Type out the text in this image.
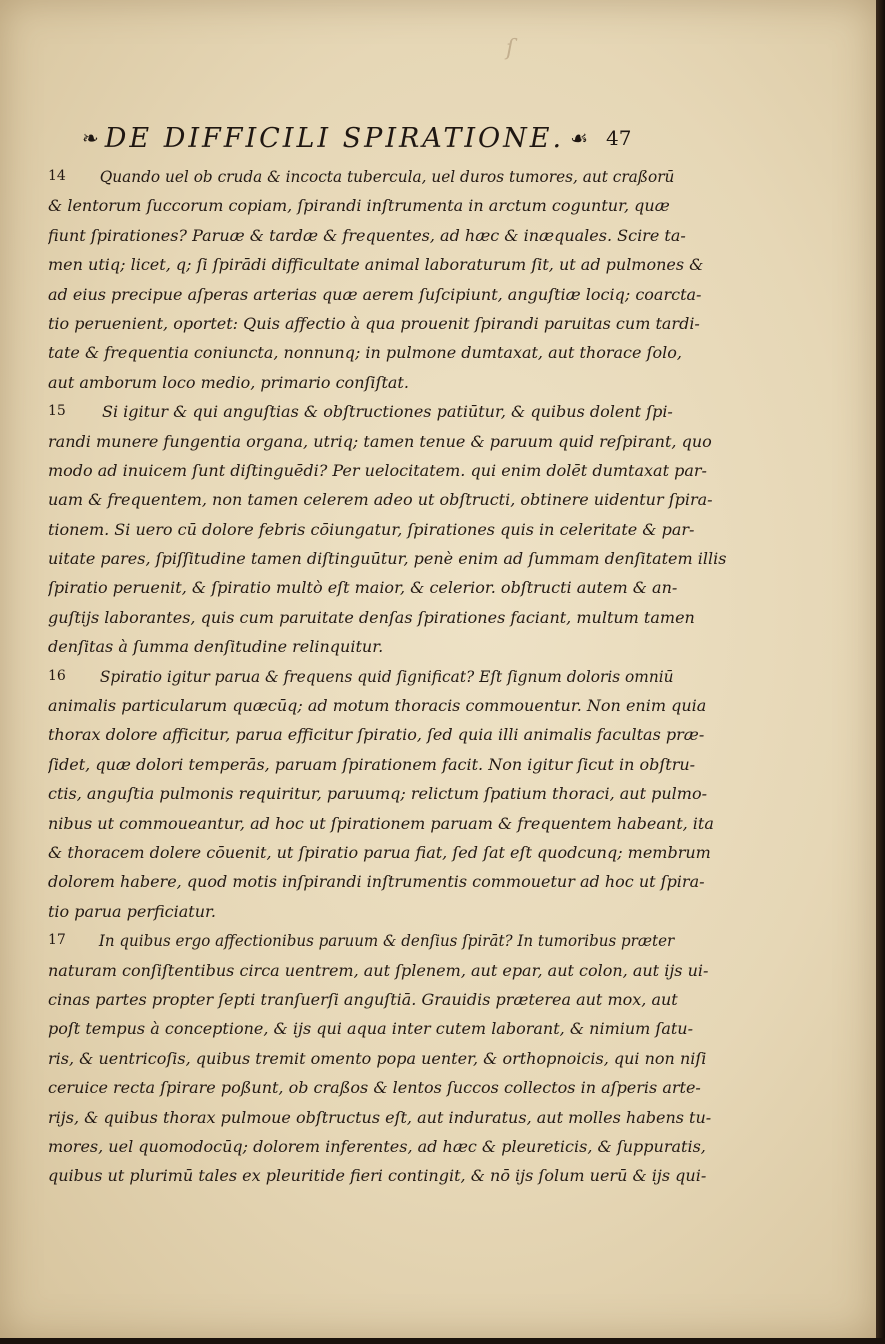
ſ
❧ DE DIFFICILI SPIRATIONE. ☙ 47
14 Quando uel ob cruda & incocta tubercula, uel duros tumores, aut craßorū
& lentorum ſuccorum copiam, ſpirandi inſtrumenta in arctum coguntur, quæ
fiunt ſpirationes? Paruæ & tardæ & frequentes, ad hæc & inæquales. Scire ta-
men utiq; licet, q; ſi ſpirādi difficultate animal laboraturum ſit, ut ad pulmones &
ad eius precipue aſperas arterias quæ aerem ſuſcipiunt, anguſtiæ lociq; coarcta-
tio peruenient, oportet: Quis affectio à qua prouenit ſpirandi paruitas cum tardi-
tate & frequentia coniuncta, nonnunq; in pulmone dumtaxat, aut thorace ſolo,
aut amborum loco medio, primario conſiſtat.
15 Si igitur & qui anguſtias & obſtructiones patiūtur, & quibus dolent ſpi-
randi munere fungentia organa, utriq; tamen tenue & paruum quid reſpirant, quo
modo ad inuicem ſunt diſtinguēdi? Per uelocitatem. qui enim dolēt dumtaxat par-
uam & frequentem, non tamen celerem adeo ut obſtructi, obtinere uidentur ſpira-
tionem. Si uero cū dolore febris cōiungatur, ſpirationes quis in celeritate & par-
uitate pares, ſpiſſitudine tamen diſtinguūtur, penè enim ad ſummam denſitatem illis
ſpiratio peruenit, & ſpiratio multò eſt maior, & celerior. obſtructi autem & an-
guſtijs laborantes, quis cum paruitate denſas ſpirationes faciant, multum tamen
denſitas à ſumma denſitudine relinquitur.
16 Spiratio igitur parua & frequens quid ſignificat? Eſt ſignum doloris omniū
animalis particularum quæcūq; ad motum thoracis commouentur. Non enim quia
thorax dolore afficitur, parua efficitur ſpiratio, ſed quia illi animalis facultas præ-
ſidet, quæ dolori temperās, paruam ſpirationem facit. Non igitur ſicut in obſtru-
ctis, anguſtia pulmonis requiritur, paruumq; relictum ſpatium thoraci, aut pulmo-
nibus ut commoueantur, ad hoc ut ſpirationem paruam & frequentem habeant, ita
& thoracem dolere cōuenit, ut ſpiratio parua fiat, ſed ſat eſt quodcunq; membrum
dolorem habere, quod motis inſpirandi inſtrumentis commouetur ad hoc ut ſpira-
tio parua perficiatur.
17 In quibus ergo affectionibus paruum & denſius ſpirāt? In tumoribus præter
naturam conſiſtentibus circa uentrem, aut ſplenem, aut epar, aut colon, aut ijs ui-
cinas partes propter ſepti tranſuerſi anguſtiā. Grauidis præterea aut mox, aut
poſt tempus à conceptione, & ijs qui aqua inter cutem laborant, & nimium ſatu-
ris, & uentricoſis, quibus tremit omento popa uenter, & orthopnoicis, qui non niſi
ceruice recta ſpirare poßunt, ob craßos & lentos ſuccos collectos in aſperis arte-
rijs, & quibus thorax pulmoue obſtructus eſt, aut induratus, aut molles habens tu-
mores, uel quomodocūq; dolorem inferentes, ad hæc & pleureticis, & ſuppuratis,
quibus ut plurimū tales ex pleuritide fieri contingit, & nō ijs ſolum uerū & ijs qui-
